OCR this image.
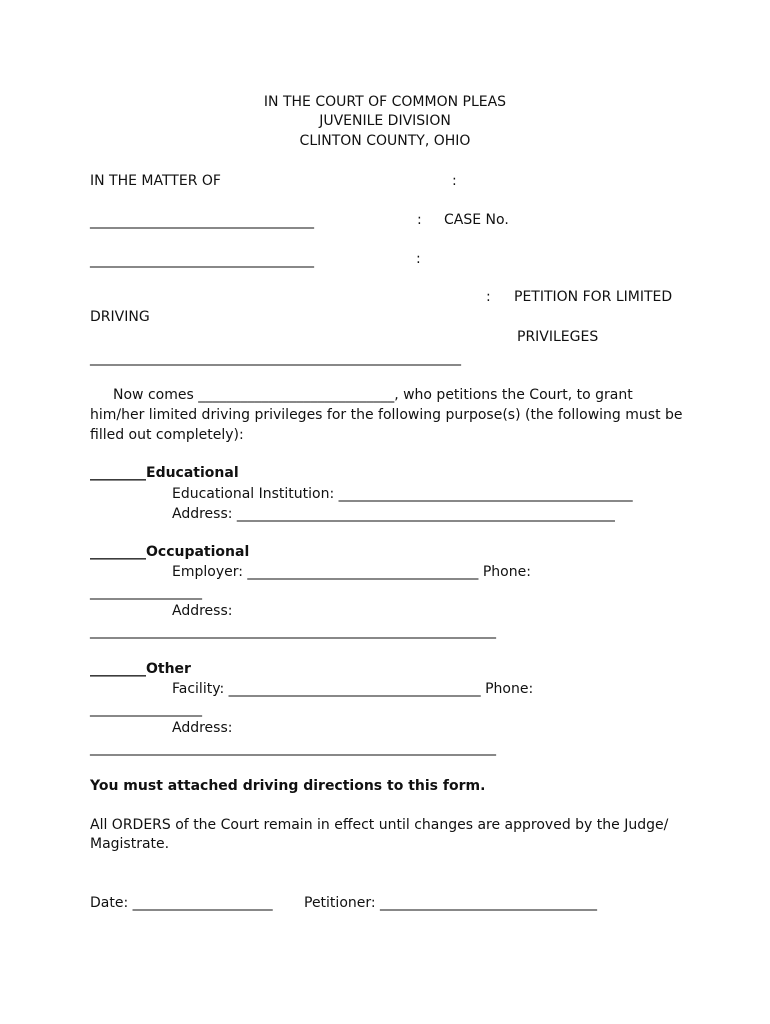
IN THE COURT OF COMMON PLEAS
JUVENILE DIVISION
CLINTON COUNTY, OHIO
IN THE MATTER OF	:
________________________________	: CASE No.
________________________________	:
: PETITION FOR LIMITED
DRIVING
PRIVILEGES
_____________________________________________________
Now comes ____________________________, who petitions the Court, to grant
him/her limited driving privileges for the following purpose(s) (the following must be
filled out completely):
________Educational
Educational Institution: __________________________________________
Address: ______________________________________________________
________Occupational
Employer: _________________________________ Phone:
________________
Address:
__________________________________________________________
________Other
Facility: ____________________________________ Phone:
________________
Address:
__________________________________________________________
You must attached driving directions to this form.
All ORDERS of the Court remain in effect until changes are approved by the Judge/ Magistrate.
Date: ____________________ Petitioner: _______________________________
